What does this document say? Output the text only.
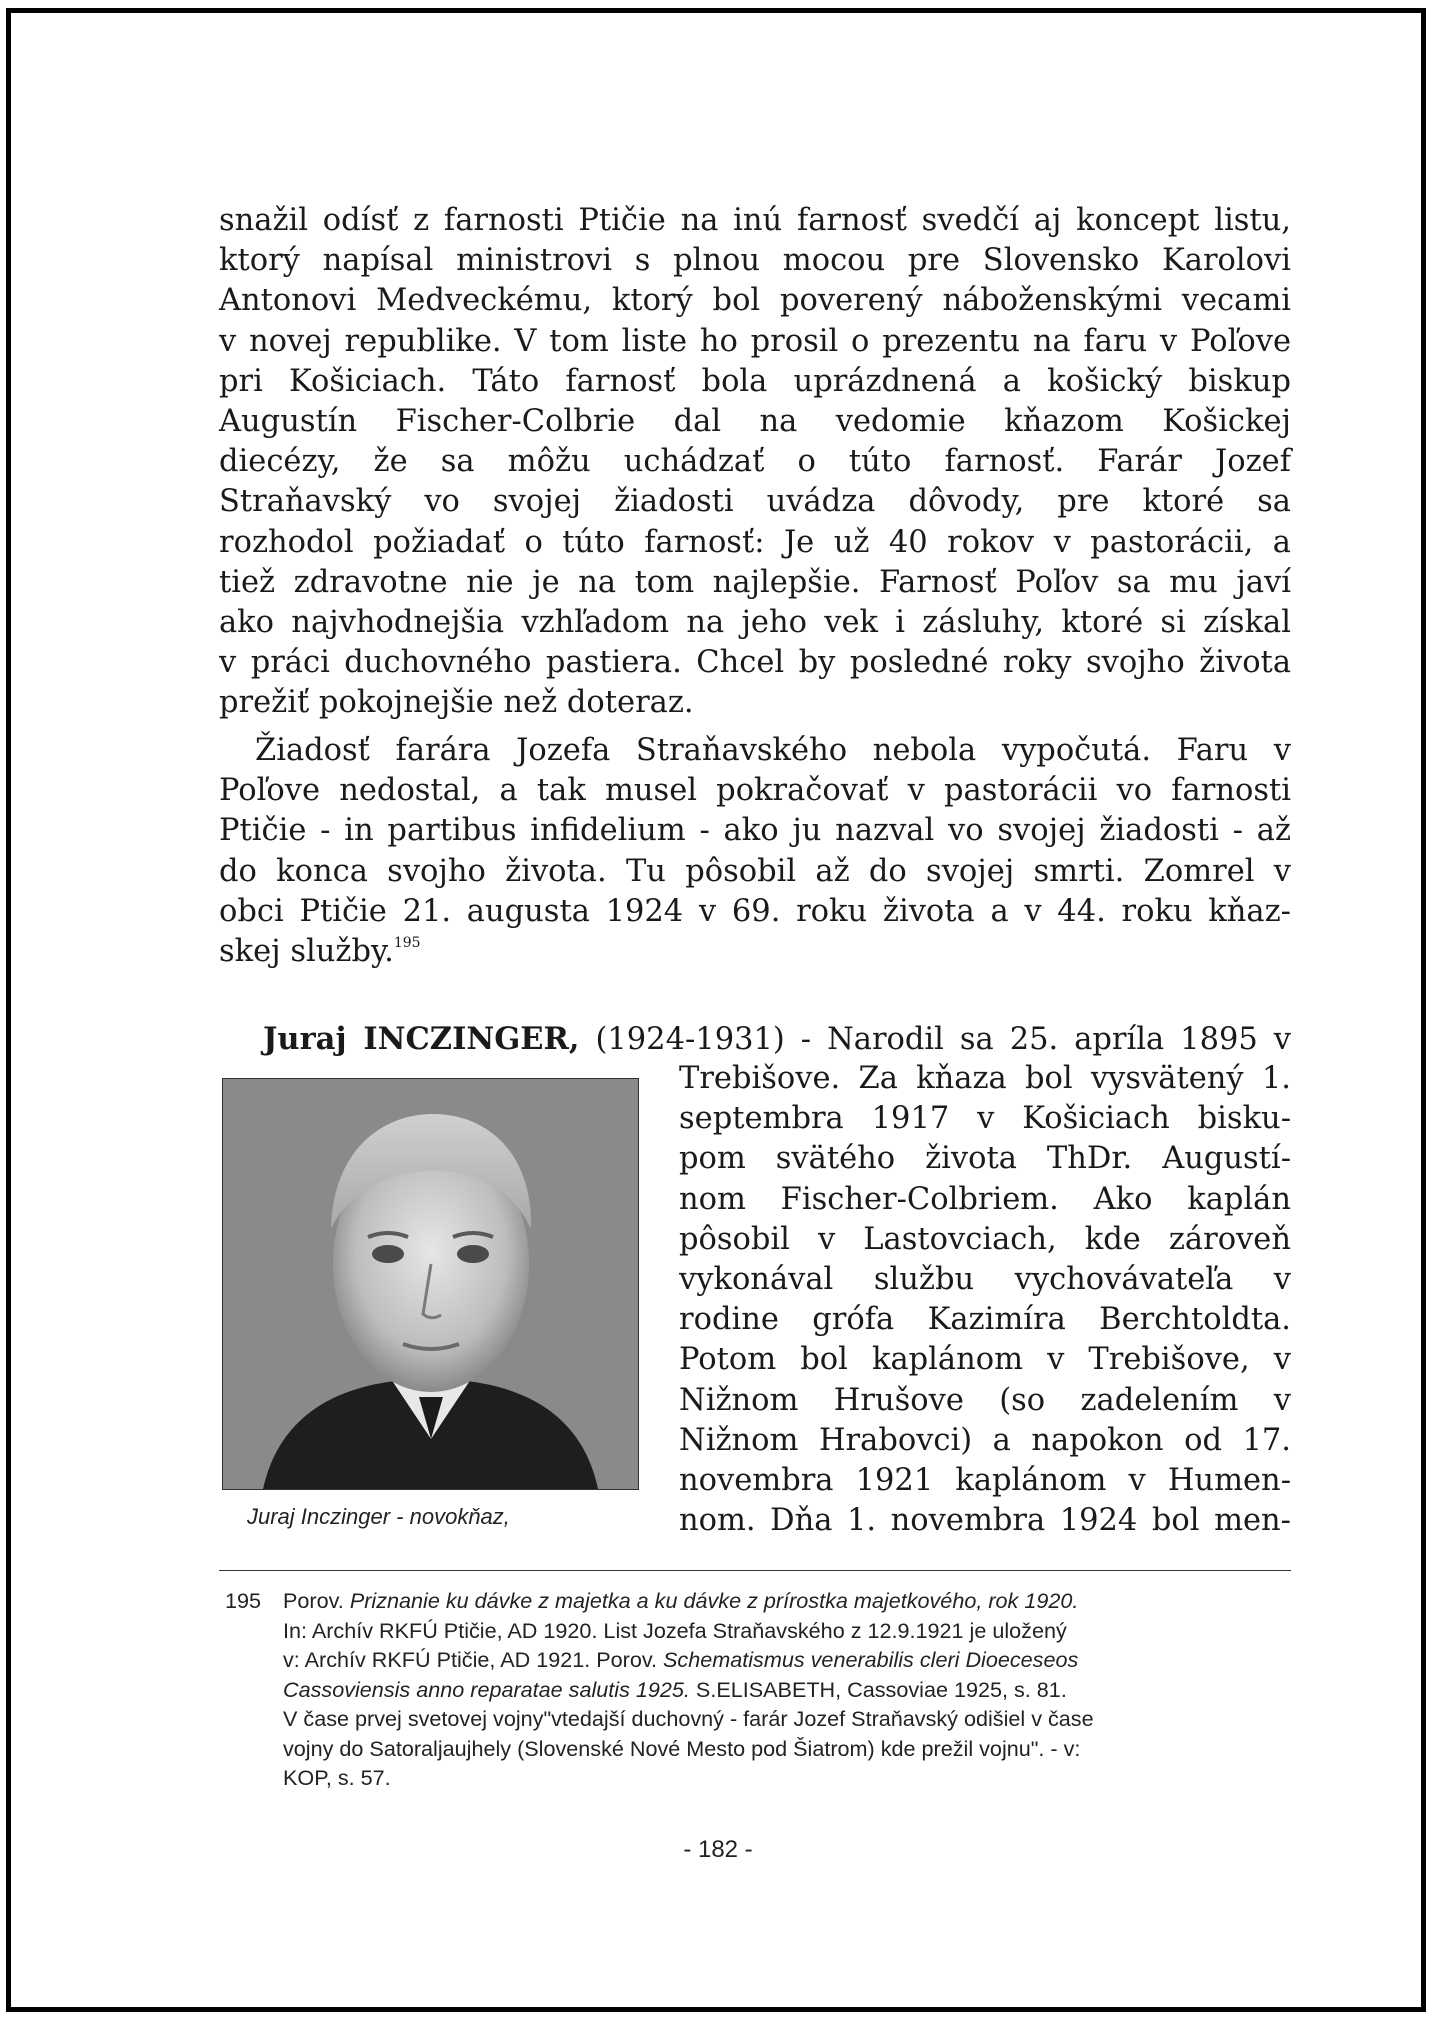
snažil odísť z farnosti Ptičie na inú farnosť svedčí aj koncept listu,
ktorý napísal ministrovi s plnou mocou pre Slovensko Karolovi
Antonovi Medveckému, ktorý bol poverený náboženskými vecami
v novej republike. V tom liste ho prosil o prezentu na faru v Poľove
pri Košiciach. Táto farnosť bola uprázdnená a košický biskup
Augustín Fischer-Colbrie dal na vedomie kňazom Košickej
diecézy, že sa môžu uchádzať o túto farnosť. Farár Jozef
Straňavský vo svojej žiadosti uvádza dôvody, pre ktoré sa
rozhodol požiadať o túto farnosť: Je už 40 rokov v pastorácii, a
tiež zdravotne nie je na tom najlepšie. Farnosť Poľov sa mu javí
ako najvhodnejšia vzhľadom na jeho vek i zásluhy, ktoré si získal
v práci duchovného pastiera. Chcel by posledné roky svojho života
prežiť pokojnejšie než doteraz.
Žiadosť farára Jozefa Straňavského nebola vypočutá. Faru v
Poľove nedostal, a tak musel pokračovať v pastorácii vo farnosti
Ptičie - in partibus infidelium - ako ju nazval vo svojej žiadosti - až
do konca svojho života. Tu pôsobil až do svojej smrti. Zomrel v
obci Ptičie 21. augusta 1924 v 69. roku života a v 44. roku kňaz-
skej služby.$^{195}$
Juraj INCZINGER, (1924-1931) - Narodil sa 25. apríla 1895 v
Trebišove. Za kňaza bol vysvätený 1.
septembra 1917 v Košiciach bisku-
pom svätého života ThDr. Augustí-
nom Fischer-Colbriem. Ako kaplán
pôsobil v Lastovciach, kde zároveň
vykonával službu vychovávateľa v
rodine grófa Kazimíra Berchtoldta.
Potom bol kaplánom v Trebišove, v
Nižnom Hrušove (so zadelením v
Nižnom Hrabovci) a napokon od 17.
novembra 1921 kaplánom v Humen-
nom. Dňa 1. novembra 1924 bol men-
Juraj Inczinger - novokňaz,
195 Porov. Priznanie ku dávke z majetka a ku dávke z prírostka majetkového, rok 1920.
In: Archív RKFÚ Ptičie, AD 1920. List Jozefa Straňavského z 12.9.1921 je uložený
v: Archív RKFÚ Ptičie, AD 1921. Porov. Schematismus venerabilis cleri Dioeceseos
Cassoviensis anno reparatae salutis 1925. S.ELISABETH, Cassoviae 1925, s. 81.
V čase prvej svetovej vojny"vtedajší duchovný - farár Jozef Straňavský odišiel v čase
vojny do Satoraljaujhely (Slovenské Nové Mesto pod Šiatrom) kde prežil vojnu". - v:
KOP, s. 57.
- 182 -
